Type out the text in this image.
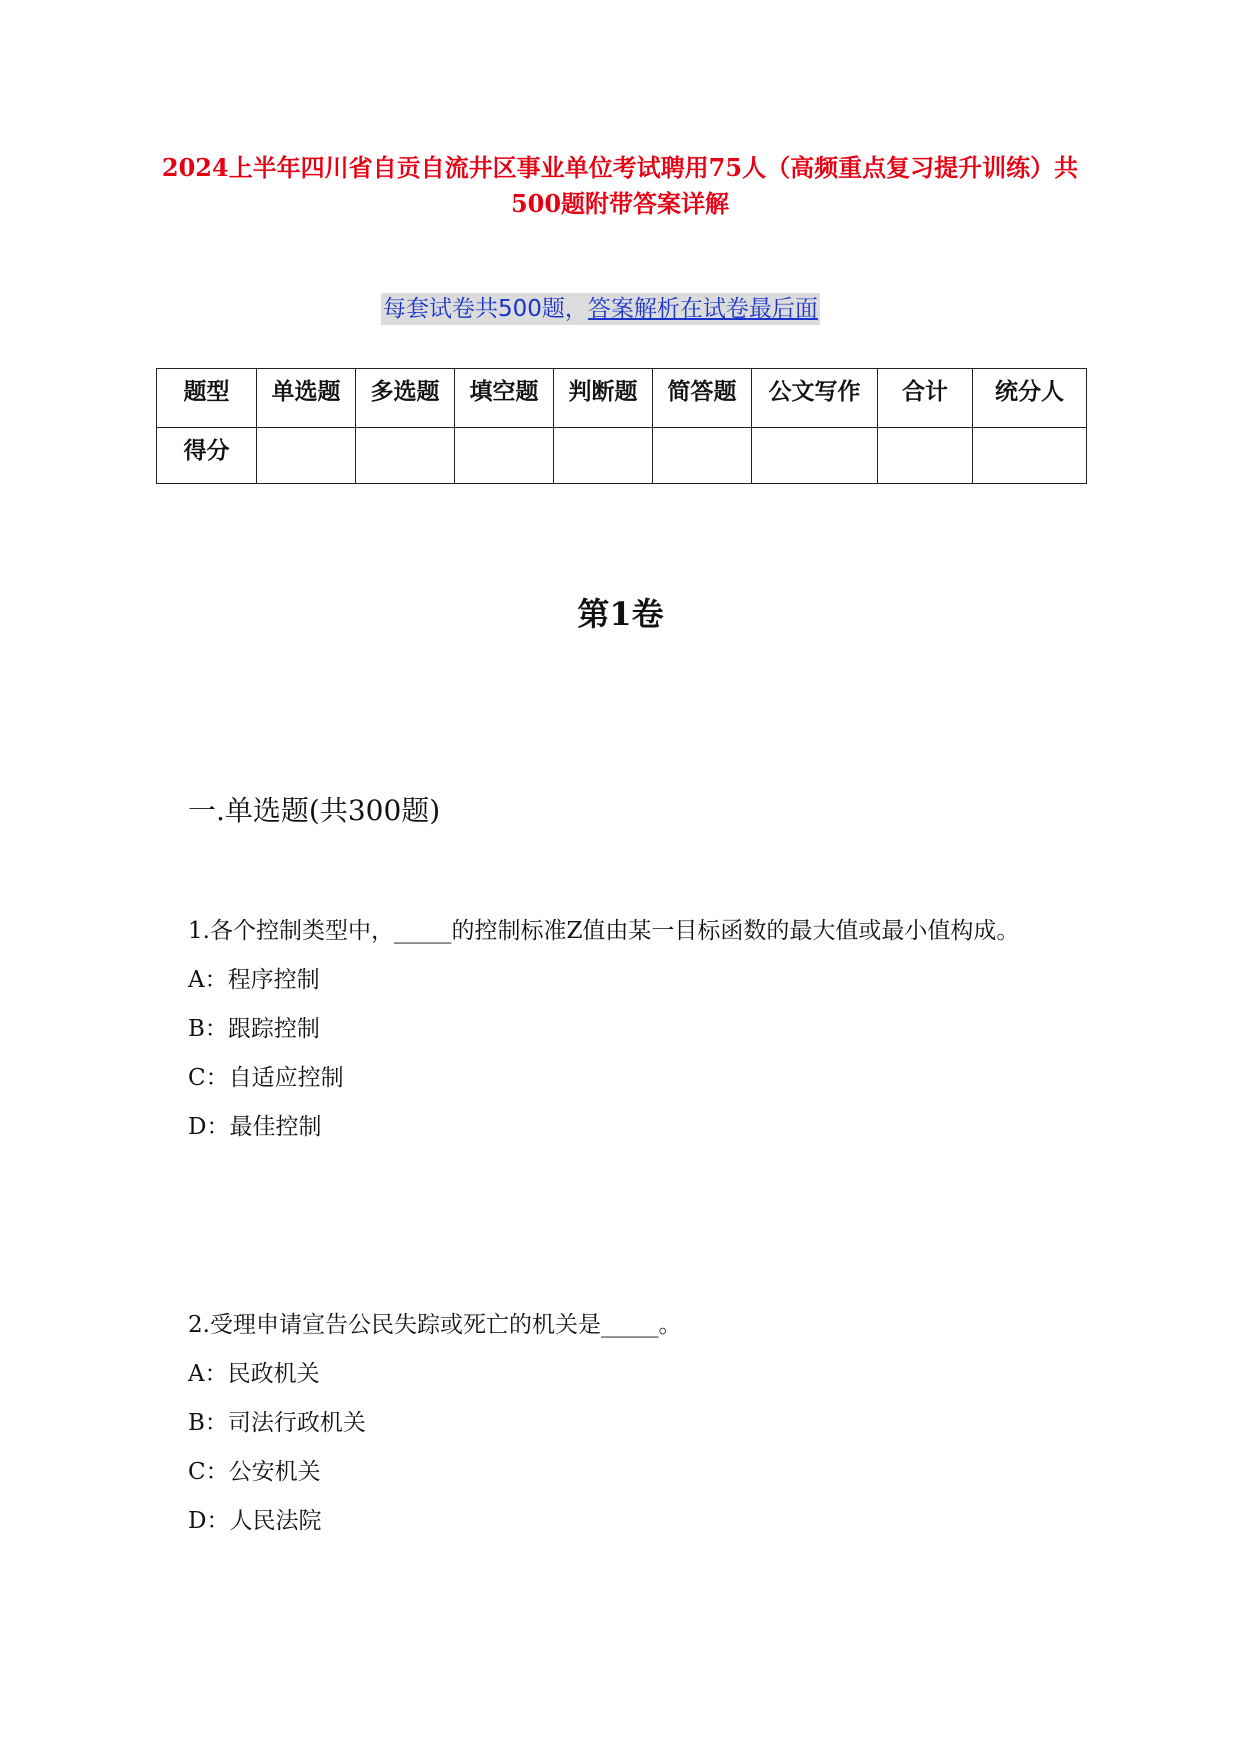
2024上半年四川省自贡自流井区事业单位考试聘用75人（高频重点复习提升训练）共500题附带答案详解
每套试卷共500题，答案解析在试卷最后面
题型	单选题	多选题	填空题	判断题	简答题	公文写作	合计	统分人
得分								
第1卷
一.单选题(共300题)

1.各个控制类型中，_____的控制标准Z值由某一目标函数的最大值或最小值构成。

A：程序控制

B：跟踪控制

C：自适应控制

D：最佳控制

2.受理申请宣告公民失踪或死亡的机关是_____。

A：民政机关

B：司法行政机关

C：公安机关

D：人民法院
